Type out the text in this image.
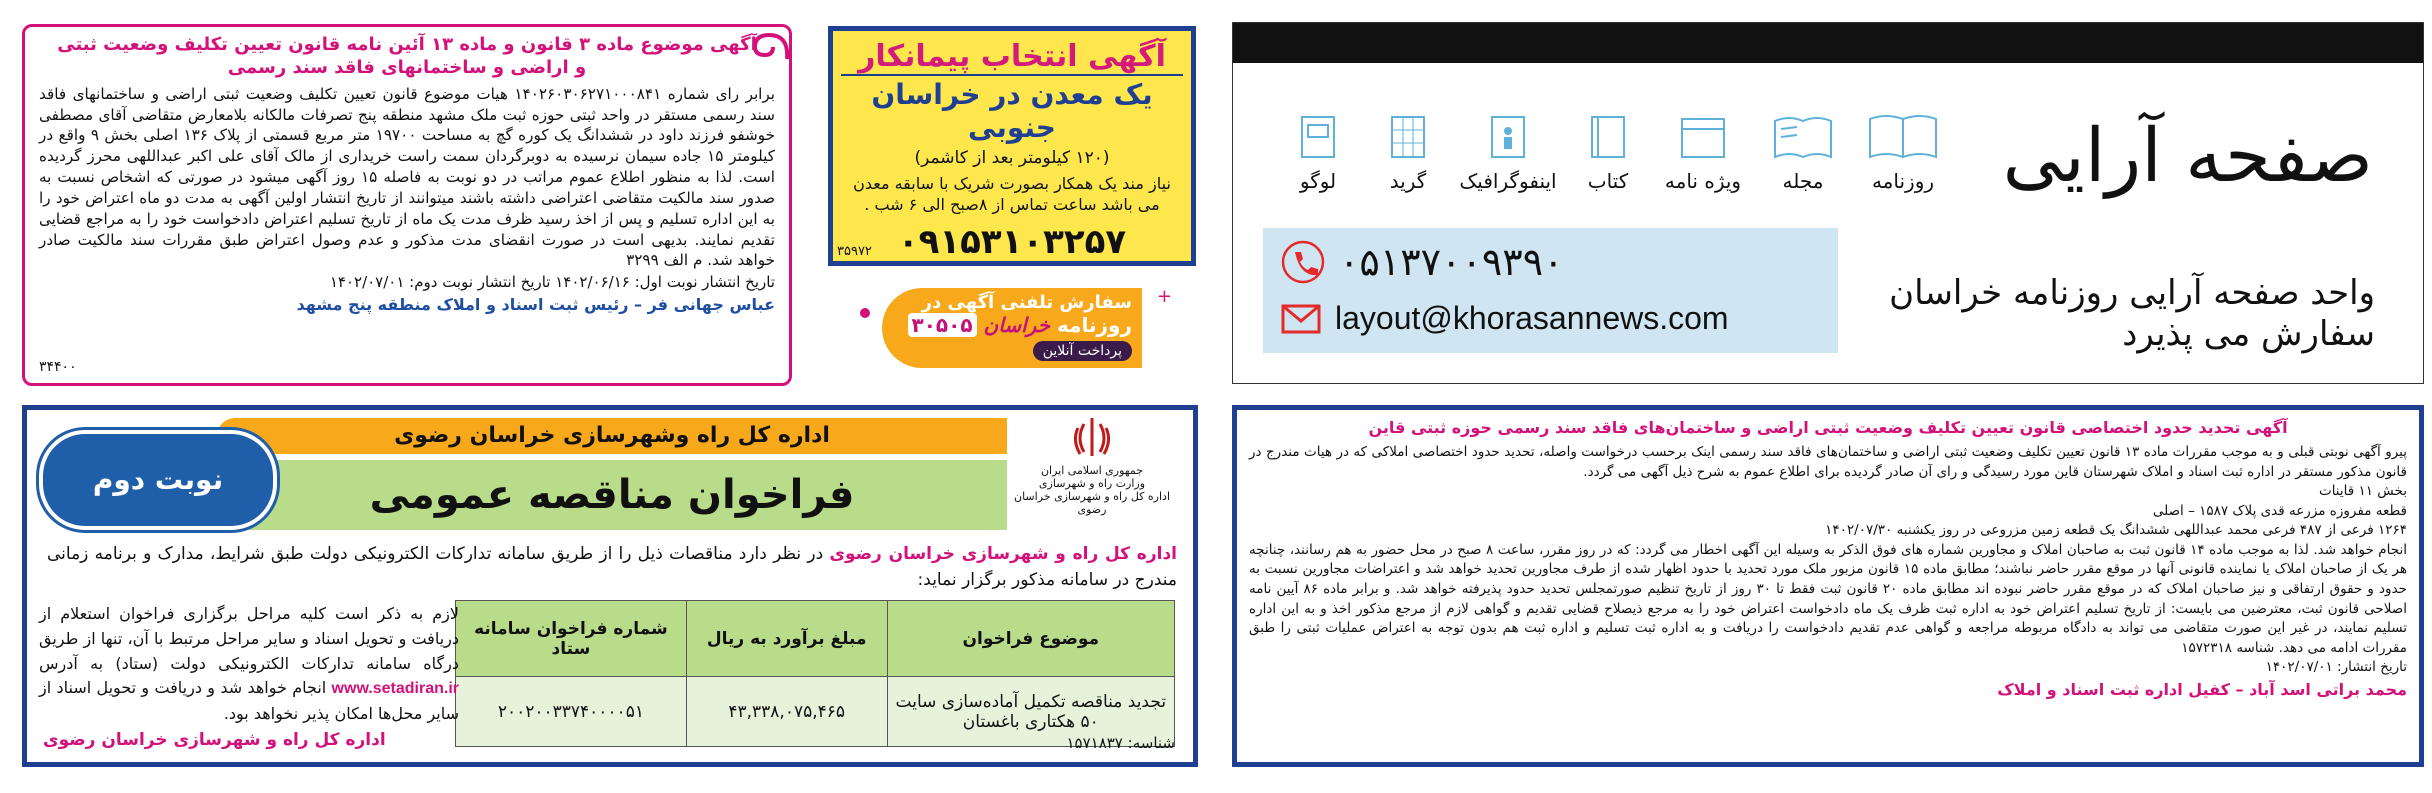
صفحه آرایی
روزنامه
مجله
ویژه نامه
کتاب
اینفوگرافیک
گرید
لوگو
۰۵۱۳۷۰۰۹۳۹۰
layout@khorasannews.com
واحد صفحه آرایی روزنامه خراسان
سفارش می پذیرد
آگهی انتخاب پیمانکار
یک معدن در خراسان جنوبی
(۱۲۰ کیلومتر بعد از کاشمر)
نیاز مند یک همکار بصورت شریک با سابقه معدن می باشد ساعت تماس از ۸صبح الی ۶ شب .
۰۹۱۵۳۱۰۳۲۵۷
۳۵۹۷۲
سفارش تلفنی آگهی در
روزنامه خراسان ۳۰۵۰۵
پرداخت آنلاین
+
آگهی موضوع ماده ۳ قانون و ماده ۱۳ آئین نامه قانون تعیین تکلیف وضعیت ثبتی
و اراضی و ساختمانهای فاقد سند رسمی
برابر رای شماره ۱۴۰۲۶۰۳۰۶۲۷۱۰۰۰۸۴۱ هیات موضوع قانون تعیین تکلیف وضعیت ثبتی اراضی و ساختمانهای فاقد سند رسمی مستقر در واحد ثبتی حوزه ثبت ملک مشهد منطقه پنج تصرفات مالکانه بلامعارض متقاضی آقای مصطفی خوشفو فرزند داود در ششدانگ یک کوره گچ به مساحت ۱۹۷۰۰ متر مربع قسمتی از پلاک ۱۳۶ اصلی بخش ۹ واقع در کیلومتر ۱۵ جاده سیمان نرسیده به دوبرگردان سمت راست خریداری از مالک آقای علی اکبر عبداللهی محرز گردیده است. لذا به منظور اطلاع عموم مراتب در دو نوبت به فاصله ۱۵ روز آگهی میشود در صورتی که اشخاص نسبت به صدور سند مالکیت متقاضی اعتراضی داشته باشند میتوانند از تاریخ انتشار اولین آگهی به مدت دو ماه اعتراض خود را به این اداره تسلیم و پس از اخذ رسید ظرف مدت یک ماه از تاریخ تسلیم اعتراض دادخواست خود را به مراجع قضایی تقدیم نمایند. بدیهی است در صورت انقضای مدت مذکور و عدم وصول اعتراض طبق مقررات سند مالکیت صادر خواهد شد. م الف ۳۲۹۹
تاریخ انتشار نوبت اول: ۱۴۰۲/۰۶/۱۶ تاریخ انتشار نوبت دوم: ۱۴۰۲/۰۷/۰۱
عباس جهانی فر – رئیس ثبت اسناد و املاک منطقه پنج مشهد
۳۴۴۰۰
اداره کل راه وشهرسازی خراسان رضوی
فراخوان مناقصه عمومی
نوبت دوم	جمهوری اسلامی ایران
وزارت راه و شهرسازی
اداره کل راه و شهرسازی خراسان رضوی
اداره کل راه و شهرسازی خراسان رضوی در نظر دارد مناقصات ذیل را از طریق سامانه تدارکات الکترونیکی دولت طبق شرایط، مدارک و برنامه زمانی مندرج در سامانه مذکور برگزار نماید:
موضوع فراخوان	مبلغ برآورد به ریال	شماره فراخوان سامانه ستاد
تجدید مناقصه تکمیل آماده‌سازی سایت ۵۰ هکتاری باغستان	۴۳,۳۳۸,۰۷۵,۴۶۵	۲۰۰۲۰۰۳۳۷۴۰۰۰۰۵۱
لازم به ذکر است کلیه مراحل برگزاری فراخوان استعلام از دریافت و تحویل اسناد و سایر مراحل مرتبط با آن، تنها از طریق درگاه سامانه تدارکات الکترونیکی دولت (ستاد) به آدرس www.setadiran.ir انجام خواهد شد و دریافت و تحویل اسناد از سایر محل‌ها امکان پذیر نخواهد بود.
اداره کل راه و شهرسازی خراسان رضوی	شناسه: ۱۵۷۱۸۳۷
آگهی تحدید حدود اختصاصی قانون تعیین تکلیف وضعیت ثبتی اراضی و ساختمان‌های فاقد سند رسمی حوزه ثبتی قاین
پیرو آگهی نوبتی قبلی و به موجب مقررات ماده ۱۳ قانون تعیین تکلیف وضعیت ثبتی اراضی و ساختمان‌های فاقد سند رسمی اینک برحسب درخواست واصله، تحدید حدود اختصاصی املاکی که در هیات مندرج در قانون مذکور مستقر در اداره ثبت اسناد و املاک شهرستان قاین مورد رسیدگی و رای آن صادر گردیده برای اطلاع عموم به شرح ذیل آگهی می گردد.
بخش ۱۱ قاینات
قطعه مفروزه مزرعه قدی پلاک ۱۵۸۷ – اصلی
۱۲۶۴ فرعی از ۴۸۷ فرعی محمد عبداللهی ششدانگ یک قطعه زمین مزروعی در روز یکشنبه ۱۴۰۲/۰۷/۳۰
انجام خواهد شد. لذا به موجب ماده ۱۴ قانون ثبت به صاحبان املاک و مجاورین شماره های فوق الذکر به وسیله این آگهی اخطار می گردد: که در روز مقرر، ساعت ۸ صبح در محل حضور به هم رسانند، چنانچه هر یک از صاحبان املاک یا نماینده قانونی آنها در موقع مقرر حاضر نباشند؛ مطابق ماده ۱۵ قانون مزبور ملک مورد تحدید با حدود اظهار شده از طرف مجاورین تحدید خواهد شد و اعتراضات مجاورین نسبت به حدود و حقوق ارتفاقی و نیز صاحبان املاک که در موقع مقرر حاضر نبوده اند مطابق ماده ۲۰ قانون ثبت فقط تا ۳۰ روز از تاریخ تنظیم صورتمجلس تحدید حدود پذیرفته خواهد شد. و برابر ماده ۸۶ آیین نامه اصلاحی قانون ثبت، معترضین می بایست: از تاریخ تسلیم اعتراض خود به اداره ثبت ظرف یک ماه دادخواست اعتراض خود را به مرجع ذیصلاح قضایی تقدیم و گواهی لازم از مرجع مذکور اخذ و به این اداره تسلیم نمایند، در غیر این صورت متقاضی می تواند به دادگاه مربوطه مراجعه و گواهی عدم تقدیم دادخواست را دریافت و به اداره ثبت تسلیم و اداره ثبت هم بدون توجه به اعتراض عملیات ثبتی را طبق مقررات ادامه می دهد. شناسه ۱۵۷۲۳۱۸
تاریخ انتشار: ۱۴۰۲/۰۷/۰۱
محمد براتی اسد آباد – کفیل اداره ثبت اسناد و املاک
